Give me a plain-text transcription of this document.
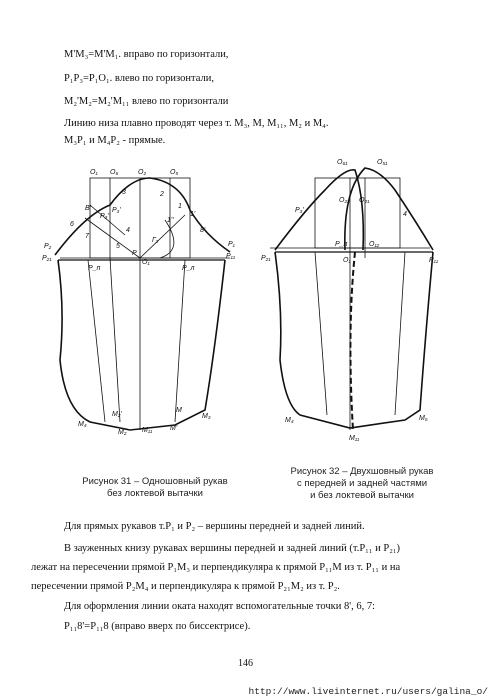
M'M₃=M'M₁. вправо по горизонтали,
P₁P₃=P₁O₁. влево по горизонтали,
M₂'M₂=M₂'M₁₁ влево по горизонтали
Линию низа плавно проводят через т. M₃, M, M₁₁, M₂ и M₄.
M₃P₁ и M₄P₂ - прямые.
O₁ O₆	O₂	O₅
3	2
B'	P₃'
P₃''
6
7
4
5
1
1'
1''
8'
Г₂
P₂
P₂₁
P_п
P
O₁
P_л
P₁
P₁₁
M₂'
M
M₄
M₂ M₁₁	M'
M₃
O₆₁	O₅₁
P₃'
O₂₂ O₂₁
4
P₂₁
P_п	O₁₂
O₁	P₁₁
M₄	M₅
M₁₁
Рисунок 31 – Одношовный рукав
без локтевой вытачки
Рисунок 32 – Двухшовный рукав
с передней и задней частями
и без локтевой вытачки
Для прямых рукавов т.P₁ и P₂ – вершины передней и задней линий.
В зауженных книзу рукавах вершины передней и задней линий (т.P₁₁ и P₂₁)
лежат на пересечении прямой P₁M₃ и перпендикуляра к прямой P₁₁M из т. P₁₁ и на
пересечении прямой P₂M₄ и перпендикуляра к прямой P₂₁M₂ из т. P₂.
Для оформления линии оката находят вспомогательные точки 8', 6, 7:
P₁₁8'=P₁₁8 (вправо вверх по биссектрисе).
146
http://www.liveinternet.ru/users/galina_o/
